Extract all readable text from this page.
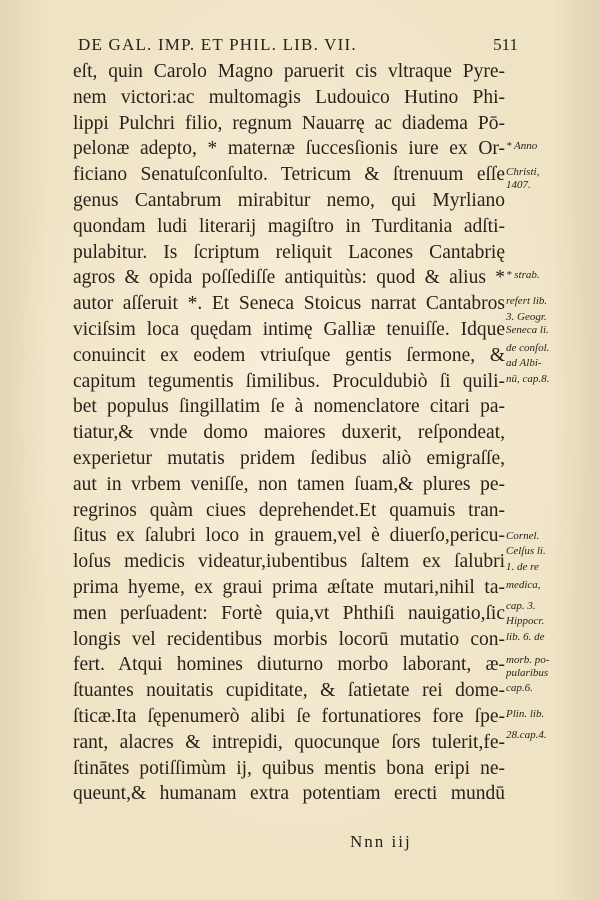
DE GAL. IMP. ET PHIL. LIB. VII.	511
eſt, quin Carolo Magno paruerit cis vltraque Pyre-
nem victori:ac multomagis Ludouico Hutino Phi-
lippi Pulchri filio, regnum Nauarrę ac diadema Pō-
pelonæ adepto, * maternæ ſuccesſionis iure ex Or-
ficiano Senatuſconſulto. Tetricum & ſtrenuum eſſe
genus Cantabrum mirabitur nemo, qui Myrliano
quondam ludi literarij magiſtro in Turditania adſti-
pulabitur. Is ſcriptum reliquit Lacones Cantabrię
agros & opida poſſediſſe antiquitùs: quod & alius *
autor aſſeruit *. Et Seneca Stoicus narrat Cantabros
viciſsim loca quędam intimę Galliæ tenuiſſe. Idque
conuincit ex eodem vtriuſque gentis ſermone, &
capitum tegumentis ſimilibus. Proculdubiò ſi quili-
bet populus ſingillatim ſe à nomenclatore citari pa-
tiatur,& vnde domo maiores duxerit, reſpondeat,
experietur mutatis pridem ſedibus aliò emigraſſe,
aut in vrbem veniſſe, non tamen ſuam,& plures pe-
regrinos quàm ciues deprehendet.Et quamuis tran-
ſitus ex ſalubri loco in grauem,vel è diuerſo,pericu-
loſus medicis videatur,iubentibus ſaltem ex ſalubri
prima hyeme, ex graui prima æſtate mutari,nihil ta-
men perſuadent: Fortè quia,vt Phthiſi nauigatio,ſic
longis vel recidentibus morbis locorū mutatio con-
fert. Atqui homines diuturno morbo laborant, æ-
ſtuantes nouitatis cupiditate, & ſatietate rei dome-
ſticæ.Ita ſępenumerò alibi ſe fortunatiores fore ſpe-
rant, alacres & intrepidi, quocunque ſors tulerit,fe-
ſtinātes potiſſimùm ij, quibus mentis bona eripi ne-
queunt,& humanam extra potentiam erecti mundū
* Anno
Christi,
1407.
* strab.
refert lib.
3. Geogr.
Seneca li.
de conſol.
ad Albi-
nū, cap.8.
Cornel.
Celſus li.
1. de re
medica,
cap. 3.
Hippocr.
lib. 6. de
morb. po-
pularibus
cap.6.
Plin. lib.
28.cap.4.
Nnn iij
